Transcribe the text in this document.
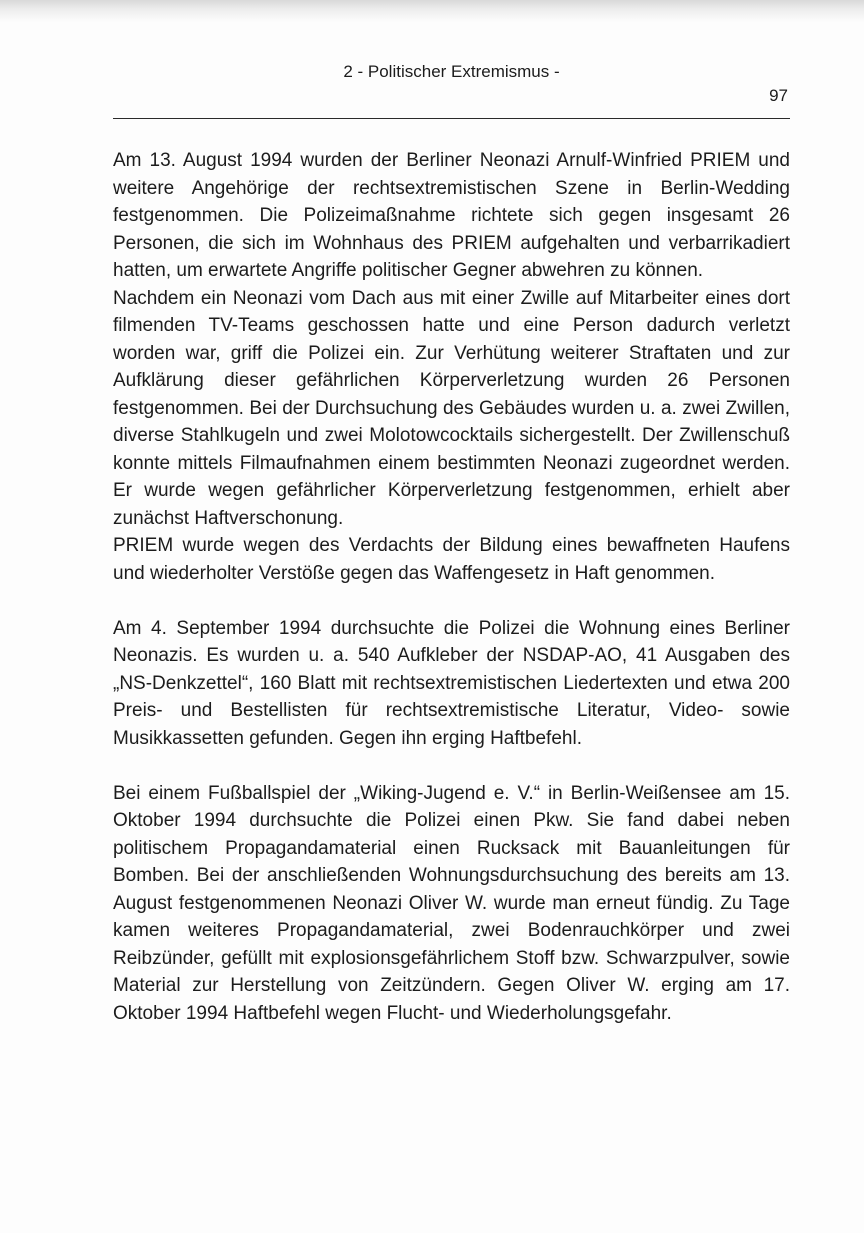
2 - Politischer Extremismus -
97

Am 13. August 1994 wurden der Berliner Neonazi Arnulf-Winfried PRIEM und weitere Angehörige der rechtsextremistischen Szene in Berlin-Wedding festgenommen. Die Polizeimaßnahme richtete sich gegen insgesamt 26 Personen, die sich im Wohnhaus des PRIEM aufgehalten und verbarrikadiert hatten, um erwartete Angriffe politischer Gegner abwehren zu können.

Nachdem ein Neonazi vom Dach aus mit einer Zwille auf Mitarbeiter eines dort filmenden TV-Teams geschossen hatte und eine Person dadurch verletzt worden war, griff die Polizei ein. Zur Verhütung weiterer Straftaten und zur Aufklärung dieser gefährlichen Körperverletzung wurden 26 Personen festgenommen. Bei der Durchsuchung des Gebäudes wurden u. a. zwei Zwillen, diverse Stahlkugeln und zwei Molotowcocktails sichergestellt. Der Zwillenschuß konnte mittels Filmaufnahmen einem bestimmten Neonazi zugeordnet werden. Er wurde wegen gefährlicher Körperverletzung festgenommen, erhielt aber zunächst Haftverschonung.

PRIEM wurde wegen des Verdachts der Bildung eines bewaffneten Haufens und wiederholter Verstöße gegen das Waffengesetz in Haft genommen.

Am 4. September 1994 durchsuchte die Polizei die Wohnung eines Berliner Neonazis. Es wurden u. a. 540 Aufkleber der NSDAP-AO, 41 Ausgaben des „NS-Denkzettel“, 160 Blatt mit rechtsextremistischen Liedertexten und etwa 200 Preis- und Bestellisten für rechtsextremistische Literatur, Video- sowie Musikkassetten gefunden. Gegen ihn erging Haftbefehl.

Bei einem Fußballspiel der „Wiking-Jugend e. V.“ in Berlin-Weißensee am 15. Oktober 1994 durchsuchte die Polizei einen Pkw. Sie fand dabei neben politischem Propagandamaterial einen Rucksack mit Bauanleitungen für Bomben. Bei der anschließenden Wohnungsdurchsuchung des bereits am 13. August festgenommenen Neonazi Oliver W. wurde man erneut fündig. Zu Tage kamen weiteres Propagandamaterial, zwei Bodenrauchkörper und zwei Reibzünder, gefüllt mit explosionsgefährlichem Stoff bzw. Schwarzpulver, sowie Material zur Herstellung von Zeitzündern. Gegen Oliver W. erging am 17. Oktober 1994 Haftbefehl wegen Flucht- und Wiederholungsgefahr.
